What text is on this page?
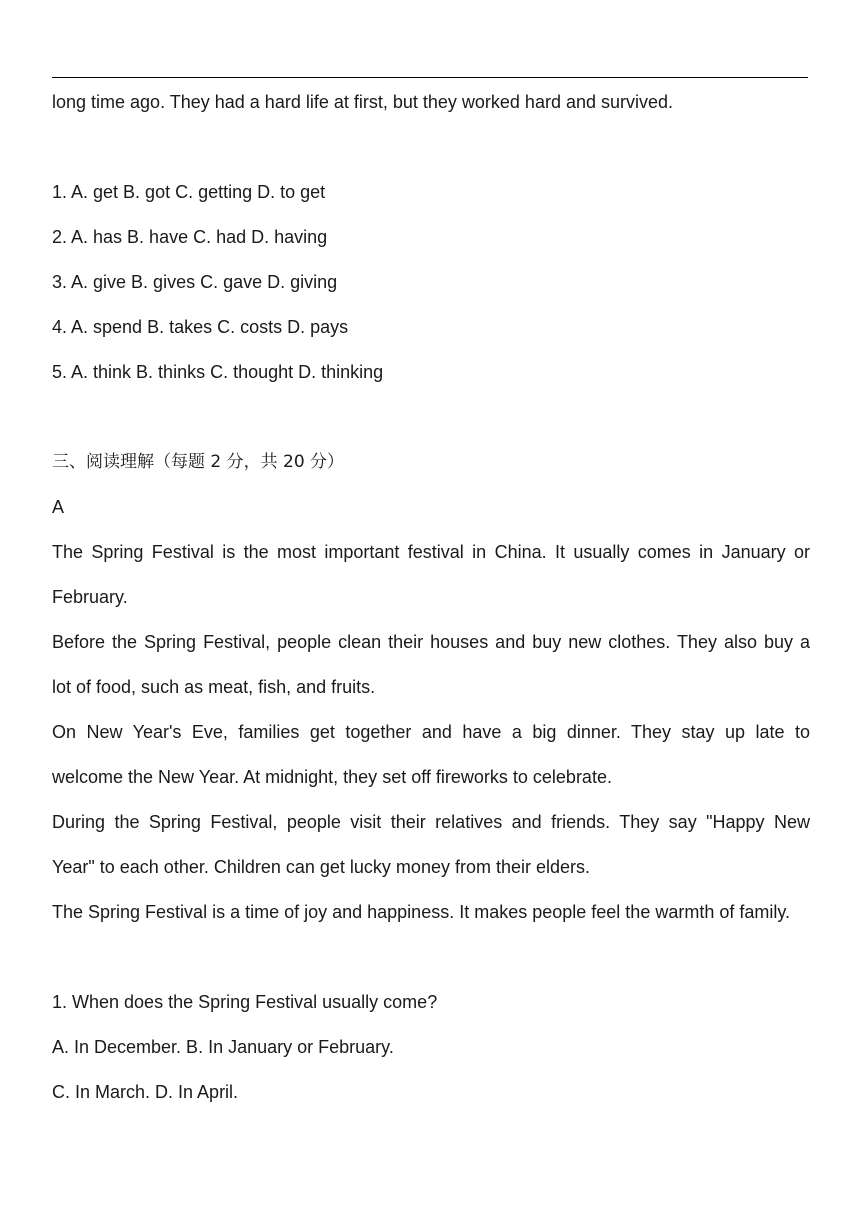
long time ago. They had a hard life at first, but they worked hard and survived.
1. A. get B. got C. getting D. to get
2. A. has B. have C. had D. having
3. A. give B. gives C. gave D. giving
4. A. spend B. takes C. costs D. pays
5. A. think B. thinks C. thought D. thinking
三、阅读理解（每题 2 分，共 20 分）
A
The Spring Festival is the most important festival in China. It usually comes in January or
February.
Before the Spring Festival, people clean their houses and buy new clothes. They also buy a
lot of food, such as meat, fish, and fruits.
On New Year's Eve, families get together and have a big dinner. They stay up late to
welcome the New Year. At midnight, they set off fireworks to celebrate.
During the Spring Festival, people visit their relatives and friends. They say "Happy New
Year" to each other. Children can get lucky money from their elders.
The Spring Festival is a time of joy and happiness. It makes people feel the warmth of family.
1. When does the Spring Festival usually come?
A. In December. B. In January or February.
C. In March. D. In April.
